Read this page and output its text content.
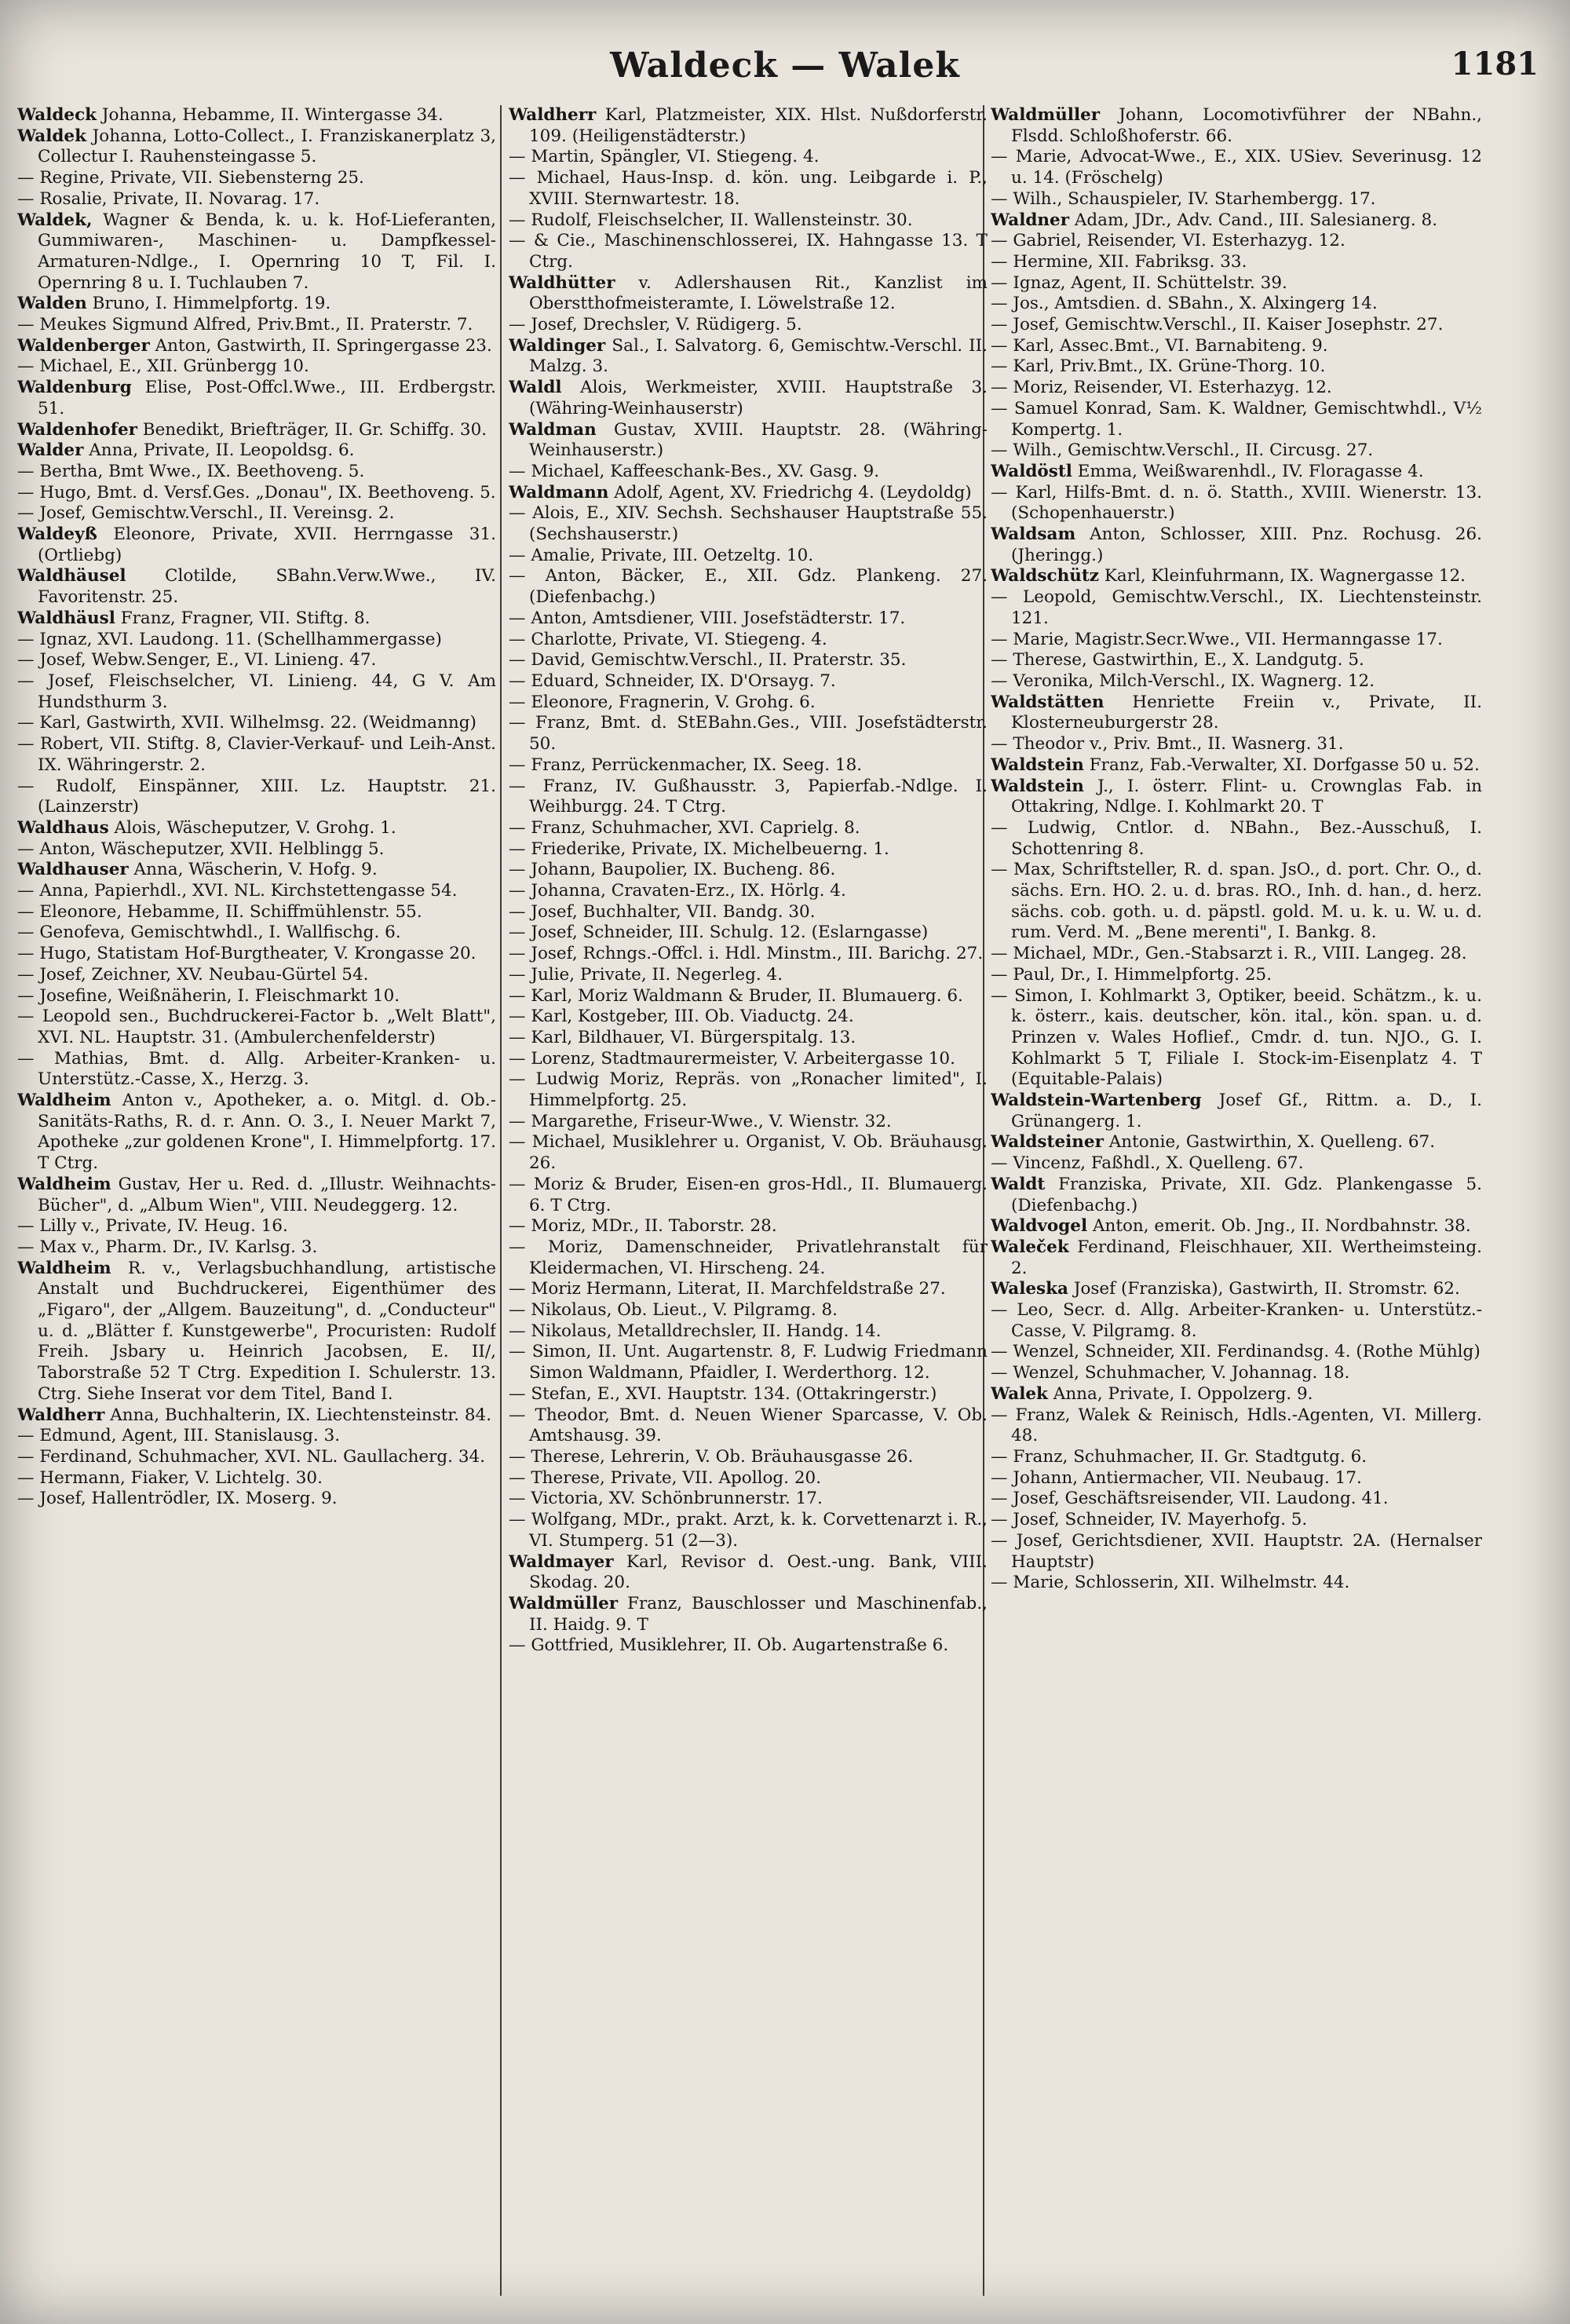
Waldeck — Walek	1181

Waldeck Johanna, Hebamme, II. Wintergasse 34.

Waldek Johanna, Lotto-Collect., I. Franziskanerplatz 3, Collectur I. Rauhensteingasse 5.

— Regine, Private, VII. Siebensterng 25.

— Rosalie, Private, II. Novarag. 17.

Waldek, Wagner & Benda, k. u. k. Hof-Lieferanten, Gummiwaren-, Maschinen- u. Dampfkessel-Armaturen-Ndlge., I. Opernring 10 T, Fil. I. Opernring 8 u. I. Tuchlauben 7.

Walden Bruno, I. Himmelpfortg. 19.

— Meukes Sigmund Alfred, Priv.Bmt., II. Praterstr. 7.

Waldenberger Anton, Gastwirth, II. Springergasse 23.

— Michael, E., XII. Grünbergg 10.

Waldenburg Elise, Post-Offcl.Wwe., III. Erdbergstr. 51.

Waldenhofer Benedikt, Briefträger, II. Gr. Schiffg. 30.

Walder Anna, Private, II. Leopoldsg. 6.

— Bertha, Bmt Wwe., IX. Beethoveng. 5.

— Hugo, Bmt. d. Versf.Ges. „Donau", IX. Beethoveng. 5.

— Josef, Gemischtw.Verschl., II. Vereinsg. 2.

Waldeyß Eleonore, Private, XVII. Herrngasse 31. (Ortliebg)

Waldhäusel Clotilde, SBahn.Verw.Wwe., IV. Favoritenstr. 25.

Waldhäusl Franz, Fragner, VII. Stiftg. 8.

— Ignaz, XVI. Laudong. 11. (Schellhammergasse)

— Josef, Webw.Senger, E., VI. Linieng. 47.

— Josef, Fleischselcher, VI. Linieng. 44, G V. Am Hundsthurm 3.

— Karl, Gastwirth, XVII. Wilhelmsg. 22. (Weidmanng)

— Robert, VII. Stiftg. 8, Clavier-Verkauf- und Leih-Anst. IX. Währingerstr. 2.

— Rudolf, Einspänner, XIII. Lz. Hauptstr. 21. (Lainzerstr)

Waldhaus Alois, Wäscheputzer, V. Grohg. 1.

— Anton, Wäscheputzer, XVII. Helblingg 5.

Waldhauser Anna, Wäscherin, V. Hofg. 9.

— Anna, Papierhdl., XVI. NL. Kirchstettengasse 54.

— Eleonore, Hebamme, II. Schiffmühlenstr. 55.

— Genofeva, Gemischtwhdl., I. Wallfischg. 6.

— Hugo, Statistam Hof-Burgtheater, V. Krongasse 20.

— Josef, Zeichner, XV. Neubau-Gürtel 54.

— Josefine, Weißnäherin, I. Fleischmarkt 10.

— Leopold sen., Buchdruckerei-Factor b. „Welt Blatt", XVI. NL. Hauptstr. 31. (Ambulerchenfelderstr)

— Mathias, Bmt. d. Allg. Arbeiter-Kranken- u. Unterstütz.-Casse, X., Herzg. 3.

Waldheim Anton v., Apotheker, a. o. Mitgl. d. Ob.-Sanitäts-Raths, R. d. r. Ann. O. 3., I. Neuer Markt 7, Apotheke „zur goldenen Krone", I. Himmelpfortg. 17. T Ctrg.

Waldheim Gustav, Her u. Red. d. „Illustr. Weihnachts-Bücher", d. „Album Wien", VIII. Neudeggerg. 12.

— Lilly v., Private, IV. Heug. 16.

— Max v., Pharm. Dr., IV. Karlsg. 3.

Waldheim R. v., Verlagsbuchhandlung, artistische Anstalt und Buchdruckerei, Eigenthümer des „Figaro", der „Allgem. Bauzeitung", d. „Conducteur" u. d. „Blätter f. Kunstgewerbe", Procuristen: Rudolf Freih. Jsbary u. Heinrich Jacobsen, E. II/, Taborstraße 52 T Ctrg. Expedition I. Schulerstr. 13. Ctrg. Siehe Inserat vor dem Titel, Band I.

Waldherr Anna, Buchhalterin, IX. Liechtensteinstr. 84.

— Edmund, Agent, III. Stanislausg. 3.

— Ferdinand, Schuhmacher, XVI. NL. Gaullacherg. 34.

— Hermann, Fiaker, V. Lichtelg. 30.

— Josef, Hallentrödler, IX. Moserg. 9.

Waldherr Karl, Platzmeister, XIX. Hlst. Nußdorferstr. 109. (Heiligenstädterstr.)

— Martin, Spängler, VI. Stiegeng. 4.

— Michael, Haus-Insp. d. kön. ung. Leibgarde i. P., XVIII. Sternwartestr. 18.

— Rudolf, Fleischselcher, II. Wallensteinstr. 30.

— & Cie., Maschinenschlosserei, IX. Hahngasse 13. T Ctrg.

Waldhütter v. Adlershausen Rit., Kanzlist im Oberstthofmeisteramte, I. Löwelstraße 12.

— Josef, Drechsler, V. Rüdigerg. 5.

Waldinger Sal., I. Salvatorg. 6, Gemischtw.-Verschl. II. Malzg. 3.

Waldl Alois, Werkmeister, XVIII. Hauptstraße 3. (Währing-Weinhauserstr)

Waldman Gustav, XVIII. Hauptstr. 28. (Währing-Weinhauserstr.)

— Michael, Kaffeeschank-Bes., XV. Gasg. 9.

Waldmann Adolf, Agent, XV. Friedrichg 4. (Leydoldg)

— Alois, E., XIV. Sechsh. Sechshauser Hauptstraße 55. (Sechshauserstr.)

— Amalie, Private, III. Oetzeltg. 10.

— Anton, Bäcker, E., XII. Gdz. Plankeng. 27. (Diefenbachg.)

— Anton, Amtsdiener, VIII. Josefstädterstr. 17.

— Charlotte, Private, VI. Stiegeng. 4.

— David, Gemischtw.Verschl., II. Praterstr. 35.

— Eduard, Schneider, IX. D'Orsayg. 7.

— Eleonore, Fragnerin, V. Grohg. 6.

— Franz, Bmt. d. StEBahn.Ges., VIII. Josefstädterstr. 50.

— Franz, Perrückenmacher, IX. Seeg. 18.

— Franz, IV. Gußhausstr. 3, Papierfab.-Ndlge. I. Weihburgg. 24. T Ctrg.

— Franz, Schuhmacher, XVI. Caprielg. 8.

— Friederike, Private, IX. Michelbeuerng. 1.

— Johann, Baupolier, IX. Bucheng. 86.

— Johanna, Cravaten-Erz., IX. Hörlg. 4.

— Josef, Buchhalter, VII. Bandg. 30.

— Josef, Schneider, III. Schulg. 12. (Eslarngasse)

— Josef, Rchngs.-Offcl. i. Hdl. Minstm., III. Barichg. 27.

— Julie, Private, II. Negerleg. 4.

— Karl, Moriz Waldmann & Bruder, II. Blumauerg. 6.

— Karl, Kostgeber, III. Ob. Viaductg. 24.

— Karl, Bildhauer, VI. Bürgerspitalg. 13.

— Lorenz, Stadtmaurermeister, V. Arbeitergasse 10.

— Ludwig Moriz, Repräs. von „Ronacher limited", I. Himmelpfortg. 25.

— Margarethe, Friseur-Wwe., V. Wienstr. 32.

— Michael, Musiklehrer u. Organist, V. Ob. Bräuhausg. 26.

— Moriz & Bruder, Eisen-en gros-Hdl., II. Blumauerg. 6. T Ctrg.

— Moriz, MDr., II. Taborstr. 28.

— Moriz, Damenschneider, Privatlehranstalt für Kleidermachen, VI. Hirscheng. 24.

— Moriz Hermann, Literat, II. Marchfeldstraße 27.

— Nikolaus, Ob. Lieut., V. Pilgramg. 8.

— Nikolaus, Metalldrechsler, II. Handg. 14.

— Simon, II. Unt. Augartenstr. 8, F. Ludwig Friedmann Simon Waldmann, Pfaidler, I. Werderthorg. 12.

— Stefan, E., XVI. Hauptstr. 134. (Ottakringerstr.)

— Theodor, Bmt. d. Neuen Wiener Sparcasse, V. Ob. Amtshausg. 39.

— Therese, Lehrerin, V. Ob. Bräuhausgasse 26.

— Therese, Private, VII. Apollog. 20.

— Victoria, XV. Schönbrunnerstr. 17.

— Wolfgang, MDr., prakt. Arzt, k. k. Corvettenarzt i. R., VI. Stumperg. 51 (2—3).

Waldmayer Karl, Revisor d. Oest.-ung. Bank, VIII. Skodag. 20.

Waldmüller Franz, Bauschlosser und Maschinenfab., II. Haidg. 9. T

— Gottfried, Musiklehrer, II. Ob. Augartenstraße 6.

Waldmüller Johann, Locomotivführer der NBahn., Flsdd. Schloßhoferstr. 66.

— Marie, Advocat-Wwe., E., XIX. USiev. Severinusg. 12 u. 14. (Fröschelg)

— Wilh., Schauspieler, IV. Starhembergg. 17.

Waldner Adam, JDr., Adv. Cand., III. Salesianerg. 8.

— Gabriel, Reisender, VI. Esterhazyg. 12.

— Hermine, XII. Fabriksg. 33.

— Ignaz, Agent, II. Schüttelstr. 39.

— Jos., Amtsdien. d. SBahn., X. Alxingerg 14.

— Josef, Gemischtw.Verschl., II. Kaiser Josephstr. 27.

— Karl, Assec.Bmt., VI. Barnabiteng. 9.

— Karl, Priv.Bmt., IX. Grüne-Thorg. 10.

— Moriz, Reisender, VI. Esterhazyg. 12.

— Samuel Konrad, Sam. K. Waldner, Gemischtwhdl., V½ Kompertg. 1.

— Wilh., Gemischtw.Verschl., II. Circusg. 27.

Waldöstl Emma, Weißwarenhdl., IV. Floragasse 4.

— Karl, Hilfs-Bmt. d. n. ö. Statth., XVIII. Wienerstr. 13. (Schopenhauerstr.)

Waldsam Anton, Schlosser, XIII. Pnz. Rochusg. 26. (Jheringg.)

Waldschütz Karl, Kleinfuhrmann, IX. Wagnergasse 12.

— Leopold, Gemischtw.Verschl., IX. Liechtensteinstr. 121.

— Marie, Magistr.Secr.Wwe., VII. Hermanngasse 17.

— Therese, Gastwirthin, E., X. Landgutg. 5.

— Veronika, Milch-Verschl., IX. Wagnerg. 12.

Waldstätten Henriette Freiin v., Private, II. Klosterneuburgerstr 28.

— Theodor v., Priv. Bmt., II. Wasnerg. 31.

Waldstein Franz, Fab.-Verwalter, XI. Dorfgasse 50 u. 52.

Waldstein J., I. österr. Flint- u. Crownglas Fab. in Ottakring, Ndlge. I. Kohlmarkt 20. T

— Ludwig, Cntlor. d. NBahn., Bez.-Ausschuß, I. Schottenring 8.

— Max, Schriftsteller, R. d. span. JsO., d. port. Chr. O., d. sächs. Ern. HO. 2. u. d. bras. RO., Inh. d. han., d. herz. sächs. cob. goth. u. d. päpstl. gold. M. u. k. u. W. u. d. rum. Verd. M. „Bene merenti", I. Bankg. 8.

— Michael, MDr., Gen.-Stabsarzt i. R., VIII. Langeg. 28.

— Paul, Dr., I. Himmelpfortg. 25.

— Simon, I. Kohlmarkt 3, Optiker, beeid. Schätzm., k. u. k. österr., kais. deutscher, kön. ital., kön. span. u. d. Prinzen v. Wales Hoflief., Cmdr. d. tun. NJO., G. I. Kohlmarkt 5 T, Filiale I. Stock-im-Eisenplatz 4. T (Equitable-Palais)

Waldstein-Wartenberg Josef Gf., Rittm. a. D., I. Grünangerg. 1.

Waldsteiner Antonie, Gastwirthin, X. Quelleng. 67.

— Vincenz, Faßhdl., X. Quelleng. 67.

Waldt Franziska, Private, XII. Gdz. Plankengasse 5. (Diefenbachg.)

Waldvogel Anton, emerit. Ob. Jng., II. Nordbahnstr. 38.

Waleček Ferdinand, Fleischhauer, XII. Wertheimsteing. 2.

Waleska Josef (Franziska), Gastwirth, II. Stromstr. 62.

— Leo, Secr. d. Allg. Arbeiter-Kranken- u. Unterstütz.-Casse, V. Pilgramg. 8.

— Wenzel, Schneider, XII. Ferdinandsg. 4. (Rothe Mühlg)

— Wenzel, Schuhmacher, V. Johannag. 18.

Walek Anna, Private, I. Oppolzerg. 9.

— Franz, Walek & Reinisch, Hdls.-Agenten, VI. Millerg. 48.

— Franz, Schuhmacher, II. Gr. Stadtgutg. 6.

— Johann, Antiermacher, VII. Neubaug. 17.

— Josef, Geschäftsreisender, VII. Laudong. 41.

— Josef, Schneider, IV. Mayerhofg. 5.

— Josef, Gerichtsdiener, XVII. Hauptstr. 2A. (Hernalser Hauptstr)

— Marie, Schlosserin, XII. Wilhelmstr. 44.
